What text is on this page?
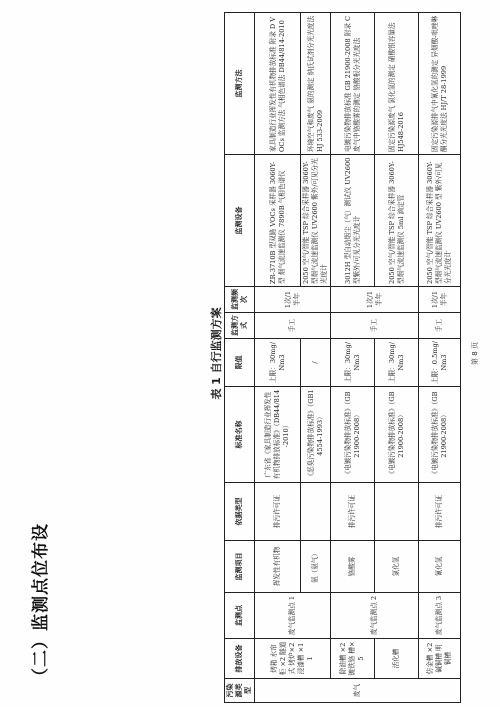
（二）监测点位布设
表 1 自行监测方案
污染源类型	排放设备	监测点	监测项目	依据类型	标准名称	限值	监测方式	监测频次	监测设备	监测方法
废气	烤箱 水帘柜 ×2 隧道式 烤炉×2 浸漆槽 ×11	废气监测点 1	挥发性有机物	排污许可证	广东省《家具制造行业挥发性有机物排放标准》（DB44/814-2010）	上限：30mg/Nm3	手工	1次/1半年	ZR-3710B 型双路 VOCs 采样器 3060Y-型 烟气流速监测仪 7890B 气相色谱仪	家具制造行业挥发性有机物排放标准 附录 D VOCs 监测方法 气相色谱法 DB44/814-2010
			氨（氨气）		《恶臭污染物排放标准》（GB14554-1993）	/			2050 空气/智能 TSP 综合采样器 3060Y-型烟气流速监测仪 UV2600 紫外/可见分光光度计	环境空气和废气 氨的测定 纳氏试剂分光光度法 HJ 533-2009
	除油槽 ×2 镀铁铬 槽×5	废气监测点 2	铬酸雾	排污许可证	《电镀污染物排放标准》（GB 21900-2008）	上限：30mg/Nm3	手工	1次/1半年	3012H 型自动烟尘（气）测试仪 UV2600 型紫外/可见分光光度计	电镀污染物排放标准 GB 21900-2008 附录 C 废气中铬酸雾的测定 铬酸根分光光度法
	活化槽		氯化氢		《电镀污染物排放标准》（GB 21900-2008）	上限：30mg/Nm3			2050 空气/智能 TSP 综合采样器 3060Y-型烟气流速监测仪 5ml 滴定管	固定污染源废气 氯化氢的测定 硝酸银容量法 HJ548-2016
	仿金槽 ×2 碱铜槽 明铜槽	废气监测点 3	氰化氢	排污许可证	《电镀污染物排放标准》（GB 21900-2008）	上限：0.5mg/Nm3	手工	1次/1半年	2050 空气/智能 TSP 综合采样器 3060Y-型烟气流速监测仪 UV2600 型 紫外/可见分光光度计	固定污染源排气中氰化氢的测定 异烟酸-吡唑啉酮分光光度法 HJ/T 28-1999
第 8 页
